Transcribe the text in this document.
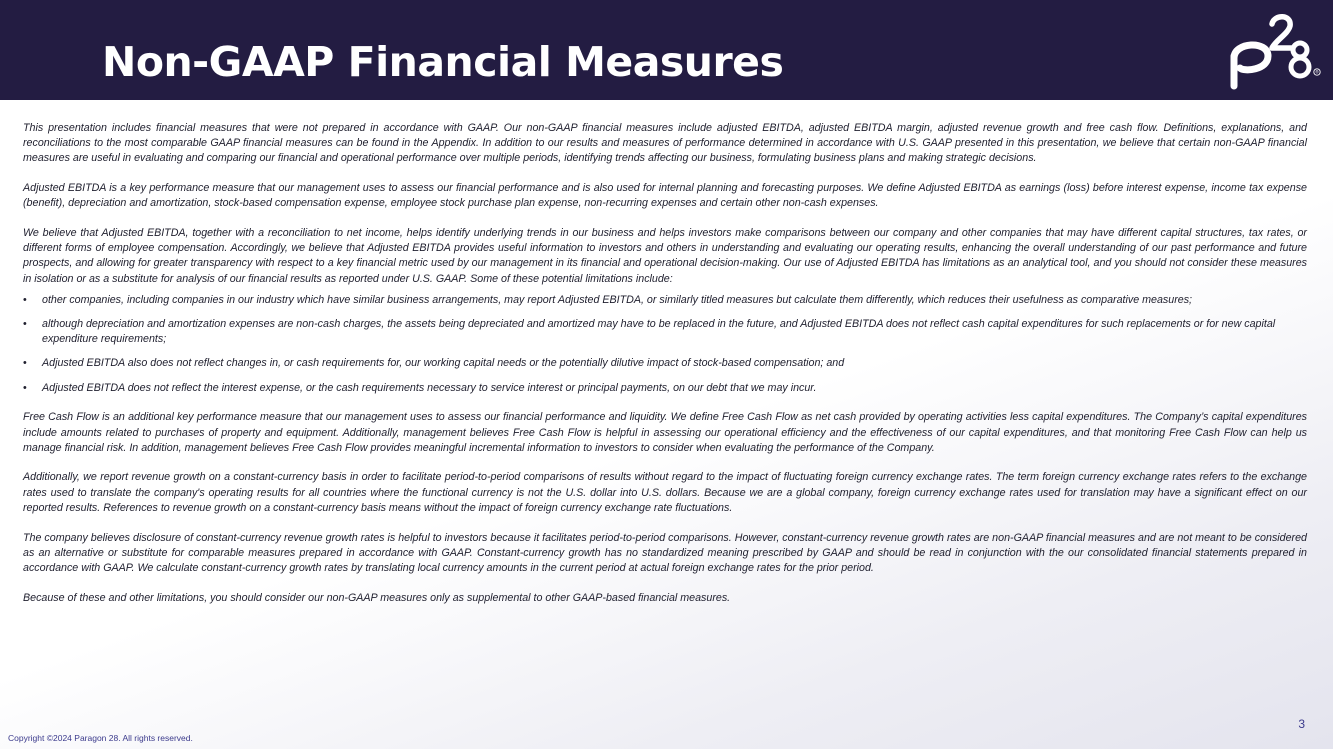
Non-GAAP Financial Measures	®

This presentation includes financial measures that were not prepared in accordance with GAAP. Our non-GAAP financial measures include adjusted EBITDA, adjusted EBITDA margin, adjusted revenue growth and free cash flow. Definitions, explanations, and reconciliations to the most comparable GAAP financial measures can be found in the Appendix. In addition to our results and measures of performance determined in accordance with U.S. GAAP presented in this presentation, we believe that certain non-GAAP financial measures are useful in evaluating and comparing our financial and operational performance over multiple periods, identifying trends affecting our business, formulating business plans and making strategic decisions.

Adjusted EBITDA is a key performance measure that our management uses to assess our financial performance and is also used for internal planning and forecasting purposes. We define Adjusted EBITDA as earnings (loss) before interest expense, income tax expense (benefit), depreciation and amortization, stock-based compensation expense, employee stock purchase plan expense, non-recurring expenses and certain other non-cash expenses.

We believe that Adjusted EBITDA, together with a reconciliation to net income, helps identify underlying trends in our business and helps investors make comparisons between our company and other companies that may have different capital structures, tax rates, or different forms of employee compensation. Accordingly, we believe that Adjusted EBITDA provides useful information to investors and others in understanding and evaluating our operating results, enhancing the overall understanding of our past performance and future prospects, and allowing for greater transparency with respect to a key financial metric used by our management in its financial and operational decision-making. Our use of Adjusted EBITDA has limitations as an analytical tool, and you should not consider these measures in isolation or as a substitute for analysis of our financial results as reported under U.S. GAAP. Some of these potential limitations include:

• other companies, including companies in our industry which have similar business arrangements, may report Adjusted EBITDA, or similarly titled measures but calculate them differently, which reduces their usefulness as comparative measures;
• although depreciation and amortization expenses are non-cash charges, the assets being depreciated and amortized may have to be replaced in the future, and Adjusted EBITDA does not reflect cash capital expenditures for such replacements or for new capital expenditure requirements;
• Adjusted EBITDA also does not reflect changes in, or cash requirements for, our working capital needs or the potentially dilutive impact of stock-based compensation; and
• Adjusted EBITDA does not reflect the interest expense, or the cash requirements necessary to service interest or principal payments, on our debt that we may incur.

Free Cash Flow is an additional key performance measure that our management uses to assess our financial performance and liquidity. We define Free Cash Flow as net cash provided by operating activities less capital expenditures. The Company’s capital expenditures include amounts related to purchases of property and equipment. Additionally, management believes Free Cash Flow is helpful in assessing our operational efficiency and the effectiveness of our capital expenditures, and that monitoring Free Cash Flow can help us manage financial risk. In addition, management believes Free Cash Flow provides meaningful incremental information to investors to consider when evaluating the performance of the Company.

Additionally, we report revenue growth on a constant-currency basis in order to facilitate period-to-period comparisons of results without regard to the impact of fluctuating foreign currency exchange rates. The term foreign currency exchange rates refers to the exchange rates used to translate the company's operating results for all countries where the functional currency is not the U.S. dollar into U.S. dollars. Because we are a global company, foreign currency exchange rates used for translation may have a significant effect on our reported results. References to revenue growth on a constant-currency basis means without the impact of foreign currency exchange rate fluctuations.

The company believes disclosure of constant-currency revenue growth rates is helpful to investors because it facilitates period-to-period comparisons. However, constant-currency revenue growth rates are non-GAAP financial measures and are not meant to be considered as an alternative or substitute for comparable measures prepared in accordance with GAAP. Constant-currency growth has no standardized meaning prescribed by GAAP and should be read in conjunction with the our consolidated financial statements prepared in accordance with GAAP. We calculate constant-currency growth rates by translating local currency amounts in the current period at actual foreign exchange rates for the prior period.

Because of these and other limitations, you should consider our non-GAAP measures only as supplemental to other GAAP-based financial measures.

3
Copyright ©2024 Paragon 28. All rights reserved.
